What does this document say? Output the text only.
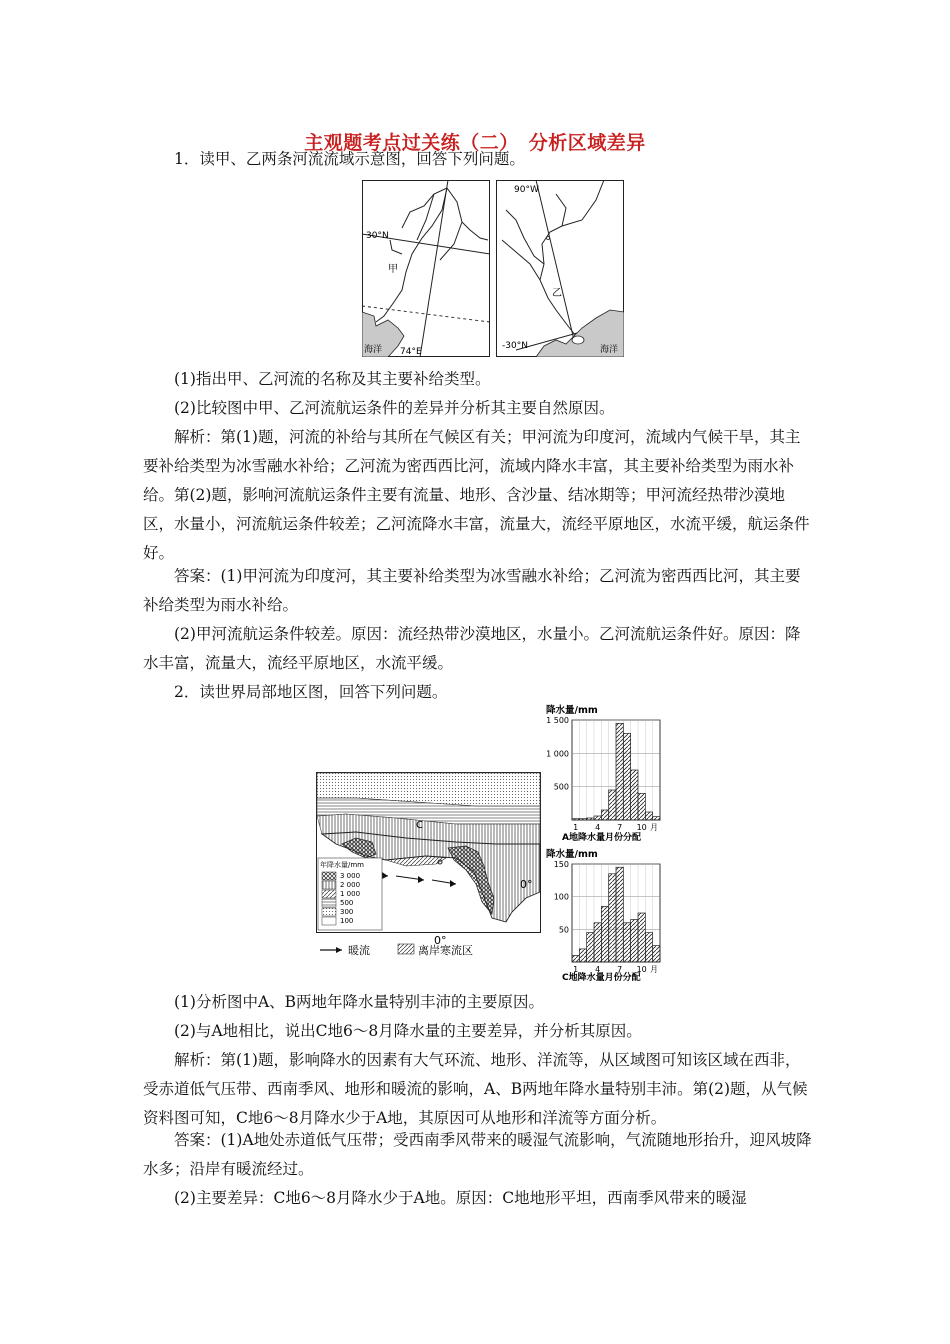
主观题考点过关练（二）　分析区域差异

1．读甲、乙两条河流流域示意图，回答下列问题。

30°N
甲
海洋 74°E
90°W
乙
-30°N	海洋

(1)指出甲、乙河流的名称及其主要补给类型。

(2)比较图中甲、乙河流航运条件的差异并分析其主要自然原因。

解析：第(1)题，河流的补给与其所在气候区有关；甲河流为印度河，流域内气候干旱，其主要补给类型为冰雪融水补给；乙河流为密西西比河，流域内降水丰富，其主要补给类型为雨水补给。第(2)题，影响河流航运条件主要有流量、地形、含沙量、结冰期等；甲河流经热带沙漠地区，水量小，河流航运条件较差；乙河流降水丰富，流量大，流经平原地区，水流平缓，航运条件好。

答案：(1)甲河流为印度河，其主要补给类型为冰雪融水补给；乙河流为密西西比河，其主要补给类型为雨水补给。

(2)甲河流航运条件较差。原因：流经热带沙漠地区，水量小。乙河流航运条件好。原因：降水丰富，流量大，流经平原地区，水流平缓。

2．读世界局部地区图，回答下列问题。

C
0°
0°
年降水量/mm
3 000
2 000
1 000
500
300
100
暖流	离岸寒流区
降水量/mm
1 500
1 000
500
1 4 7 10 月
A地降水量月份分配
降水量/mm
150
100
50
1 4 7 10 月
C地降水量月份分配

(1)分析图中A、B两地年降水量特别丰沛的主要原因。

(2)与A地相比，说出C地6～8月降水量的主要差异，并分析其原因。

解析：第(1)题，影响降水的因素有大气环流、地形、洋流等，从区域图可知该区域在西非，受赤道低气压带、西南季风、地形和暖流的影响，A、B两地年降水量特别丰沛。第(2)题，从气候资料图可知，C地6～8月降水少于A地，其原因可从地形和洋流等方面分析。

答案：(1)A地处赤道低气压带；受西南季风带来的暖湿气流影响，气流随地形抬升，迎风坡降水多；沿岸有暖流经过。

(2)主要差异：C地6～8月降水少于A地。原因：C地地形平坦，西南季风带来的暖湿
